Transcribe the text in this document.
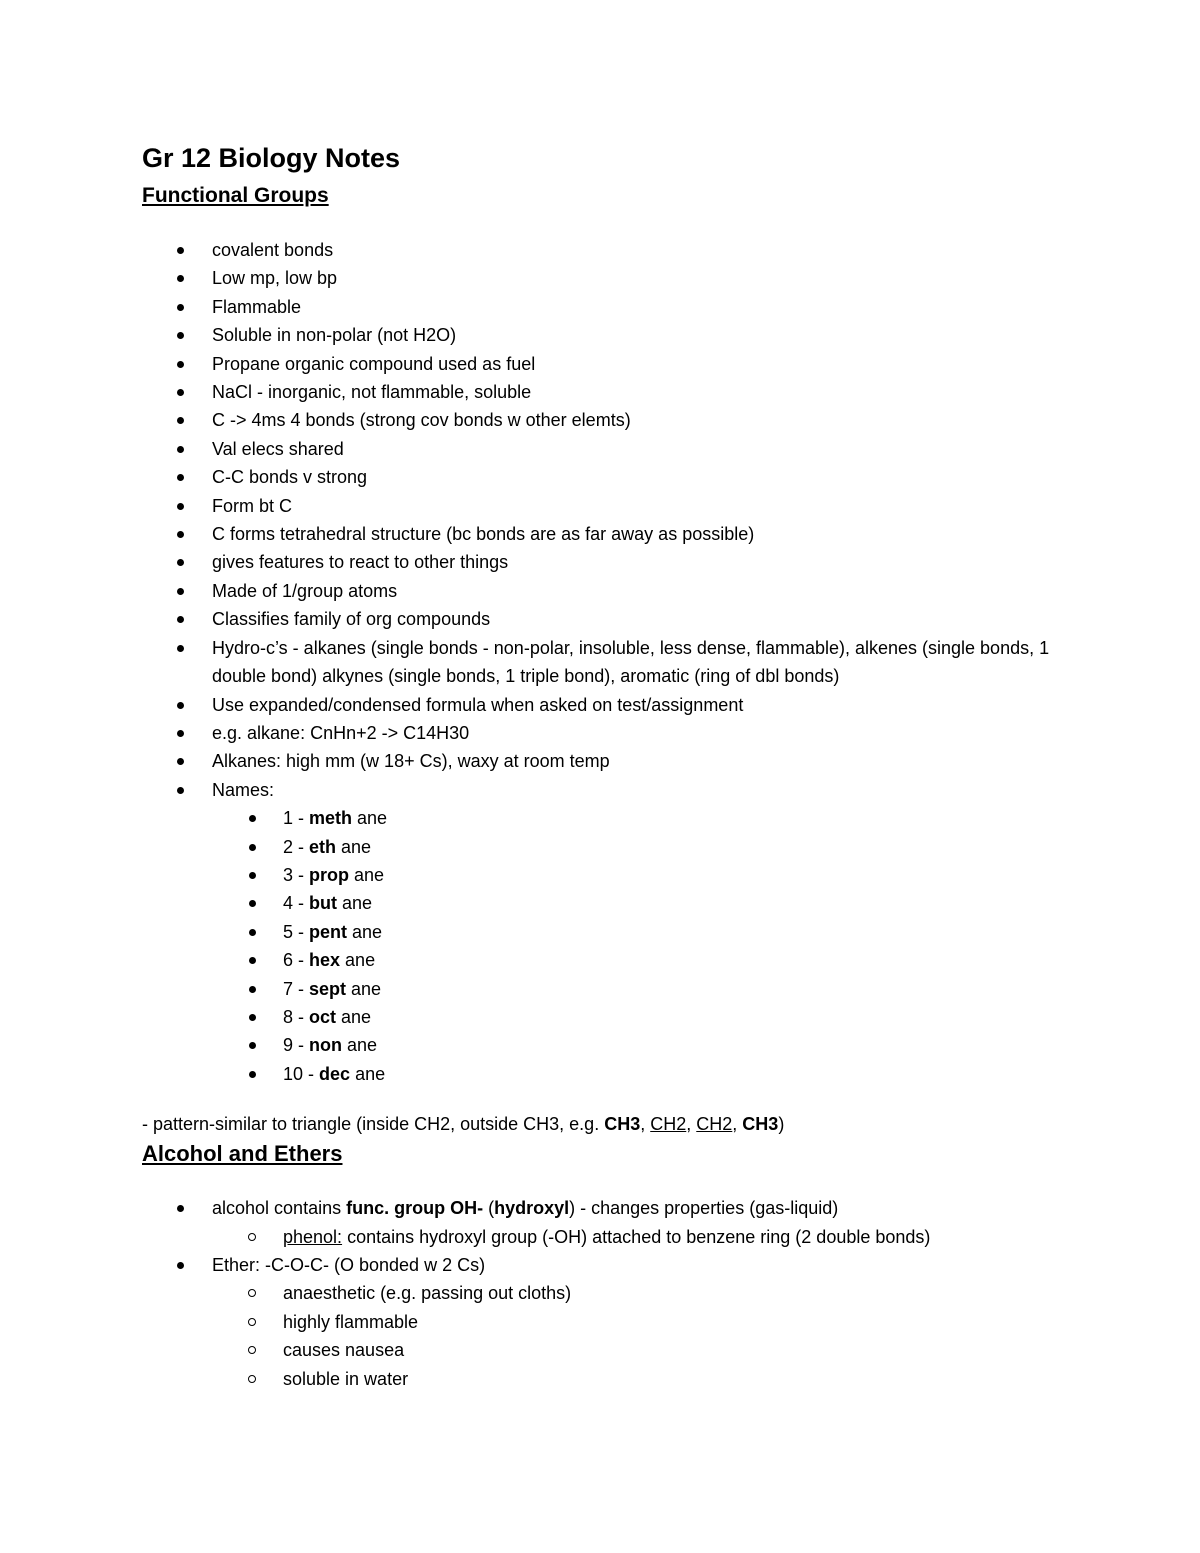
Gr 12 Biology Notes
Functional Groups
covalent bonds
Low mp, low bp
Flammable
Soluble in non-polar (not H2O)
Propane organic compound used as fuel
NaCl - inorganic, not flammable, soluble
C -> 4ms 4 bonds (strong cov bonds w other elemts)
Val elecs shared
C-C bonds v strong
Form bt C
C forms tetrahedral structure (bc bonds are as far away as possible)
gives features to react to other things
Made of 1/group atoms
Classifies family of org compounds
Hydro-c’s - alkanes (single bonds - non-polar, insoluble, less dense, flammable), alkenes (single bonds, 1 double bond) alkynes (single bonds, 1 triple bond), aromatic (ring of dbl bonds)
Use expanded/condensed formula when asked on test/assignment
e.g. alkane: CnHn+2 -> C14H30
Alkanes: high mm (w 18+ Cs), waxy at room temp
Names:
1 - meth ane
2 - eth ane
3 - prop ane
4 - but ane
5 - pent ane
6 - hex ane
7 - sept ane
8 - oct ane
9 - non ane
10 - dec ane

- pattern-similar to triangle (inside CH2, outside CH3, e.g. CH3, CH2, CH2, CH3)

Alcohol and Ethers
alcohol contains func. group OH- (hydroxyl) - changes properties (gas-liquid)
phenol: contains hydroxyl group (-OH) attached to benzene ring (2 double bonds)
Ether: -C-O-C- (O bonded w 2 Cs)
anaesthetic (e.g. passing out cloths)
highly flammable
causes nausea
soluble in water
